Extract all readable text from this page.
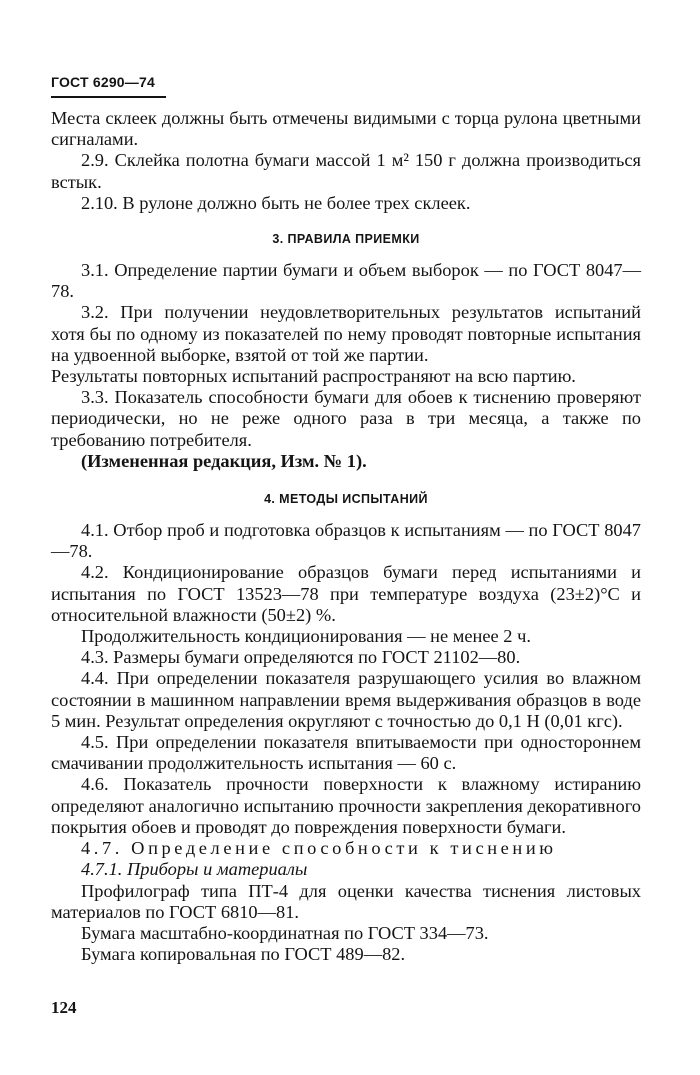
ГОСТ 6290—74

Места склеек должны быть отмечены видимыми с торца рулона цветными сигналами.

2.9. Склейка полотна бумаги массой 1 м² 150 г должна производиться встык.

2.10. В рулоне должно быть не более трех склеек.

3. ПРАВИЛА ПРИЕМКИ

3.1. Определение партии бумаги и объем выборок — по ГОСТ 8047—78.

3.2. При получении неудовлетворительных результатов испытаний хотя бы по одному из показателей по нему проводят повторные испытания на удвоенной выборке, взятой от той же партии.

Результаты повторных испытаний распространяют на всю партию.

3.3. Показатель способности бумаги для обоев к тиснению проверяют периодически, но не реже одного раза в три месяца, а также по требованию потребителя.

(Измененная редакция, Изм. № 1).

4. МЕТОДЫ ИСПЫТАНИЙ

4.1. Отбор проб и подготовка образцов к испытаниям — по ГОСТ 8047—78.

4.2. Кондиционирование образцов бумаги перед испытаниями и испытания по ГОСТ 13523—78 при температуре воздуха (23±2)°С и относительной влажности (50±2) %.

Продолжительность кондиционирования — не менее 2 ч.

4.3. Размеры бумаги определяются по ГОСТ 21102—80.

4.4. При определении показателя разрушающего усилия во влажном состоянии в машинном направлении время выдерживания образцов в воде 5 мин. Результат определения округляют с точностью до 0,1 Н (0,01 кгс).

4.5. При определении показателя впитываемости при одностороннем смачивании продолжительность испытания — 60 с.

4.6. Показатель прочности поверхности к влажному истиранию определяют аналогично испытанию прочности закрепления декоративного покрытия обоев и проводят до повреждения поверхности бумаги.

4.7. Определение способности к тиснению

4.7.1. Приборы и материалы

Профилограф типа ПТ-4 для оценки качества тиснения листовых материалов по ГОСТ 6810—81.

Бумага масштабно-координатная по ГОСТ 334—73.

Бумага копировальная по ГОСТ 489—82.

124
